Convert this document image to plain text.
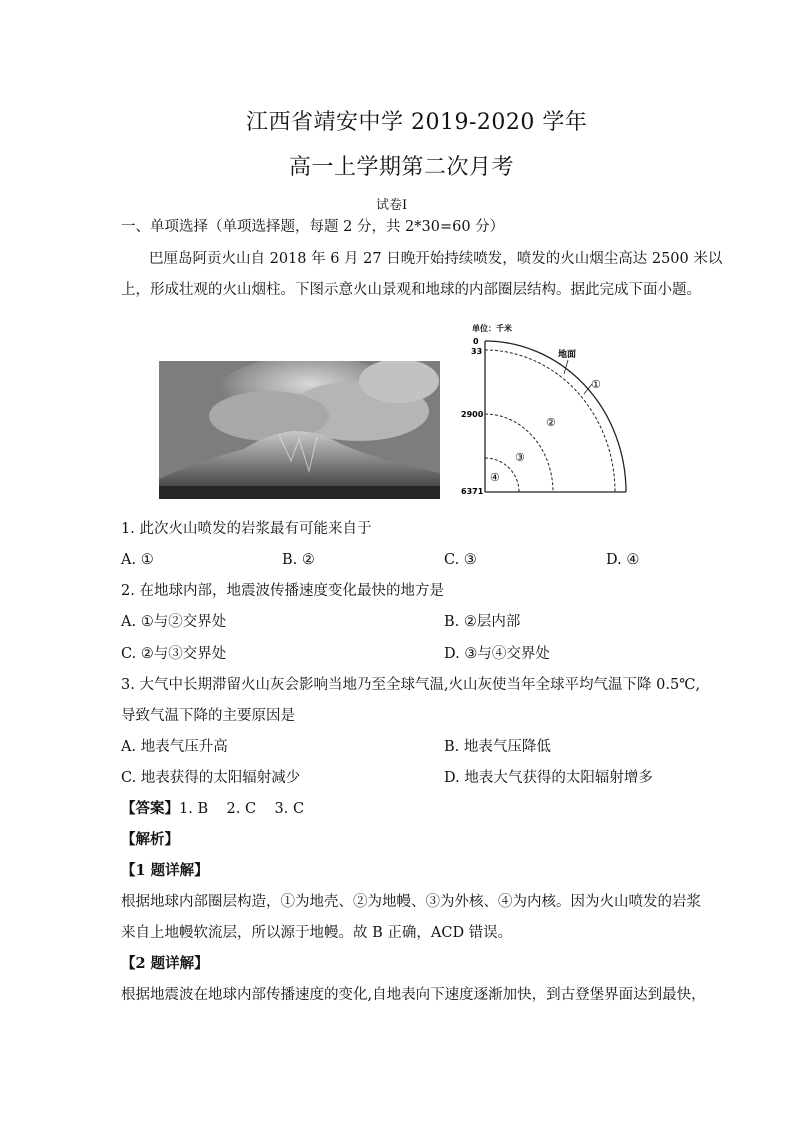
江西省靖安中学 2019-2020 学年
高一上学期第二次月考
试卷Ⅰ
一、单项选择（单项选择题，每题 2 分，共 2*30=60 分）
巴厘岛阿贡火山自 2018 年 6 月 27 日晚开始持续喷发，喷发的火山烟尘高达 2500 米以
上，形成壮观的火山烟柱。下图示意火山景观和地球的内部圈层结构。据此完成下面小题。
单位：千米
0
33
2900
6371
地面
①
②
③
④
1. 此次火山喷发的岩浆最有可能来自于
A. ①	B. ②	C. ③	D. ④
2. 在地球内部，地震波传播速度变化最快的地方是
A. ①与②交界处	B. ②层内部
C. ②与③交界处	D. ③与④交界处
3. 大气中长期滞留火山灰会影响当地乃至全球气温,火山灰使当年全球平均气温下降 0.5℃,
导致气温下降的主要原因是
A. 地表气压升高	B. 地表气压降低
C. 地表获得的太阳辐射减少	D. 地表大气获得的太阳辐射增多
【答案】1. B    2. C    3. C
【解析】
【1 题详解】
根据地球内部圈层构造，①为地壳、②为地幔、③为外核、④为内核。因为火山喷发的岩浆
来自上地幔软流层，所以源于地幔。故 B 正确，ACD 错误。
【2 题详解】
根据地震波在地球内部传播速度的变化,自地表向下速度逐渐加快，到古登堡界面达到最快，
